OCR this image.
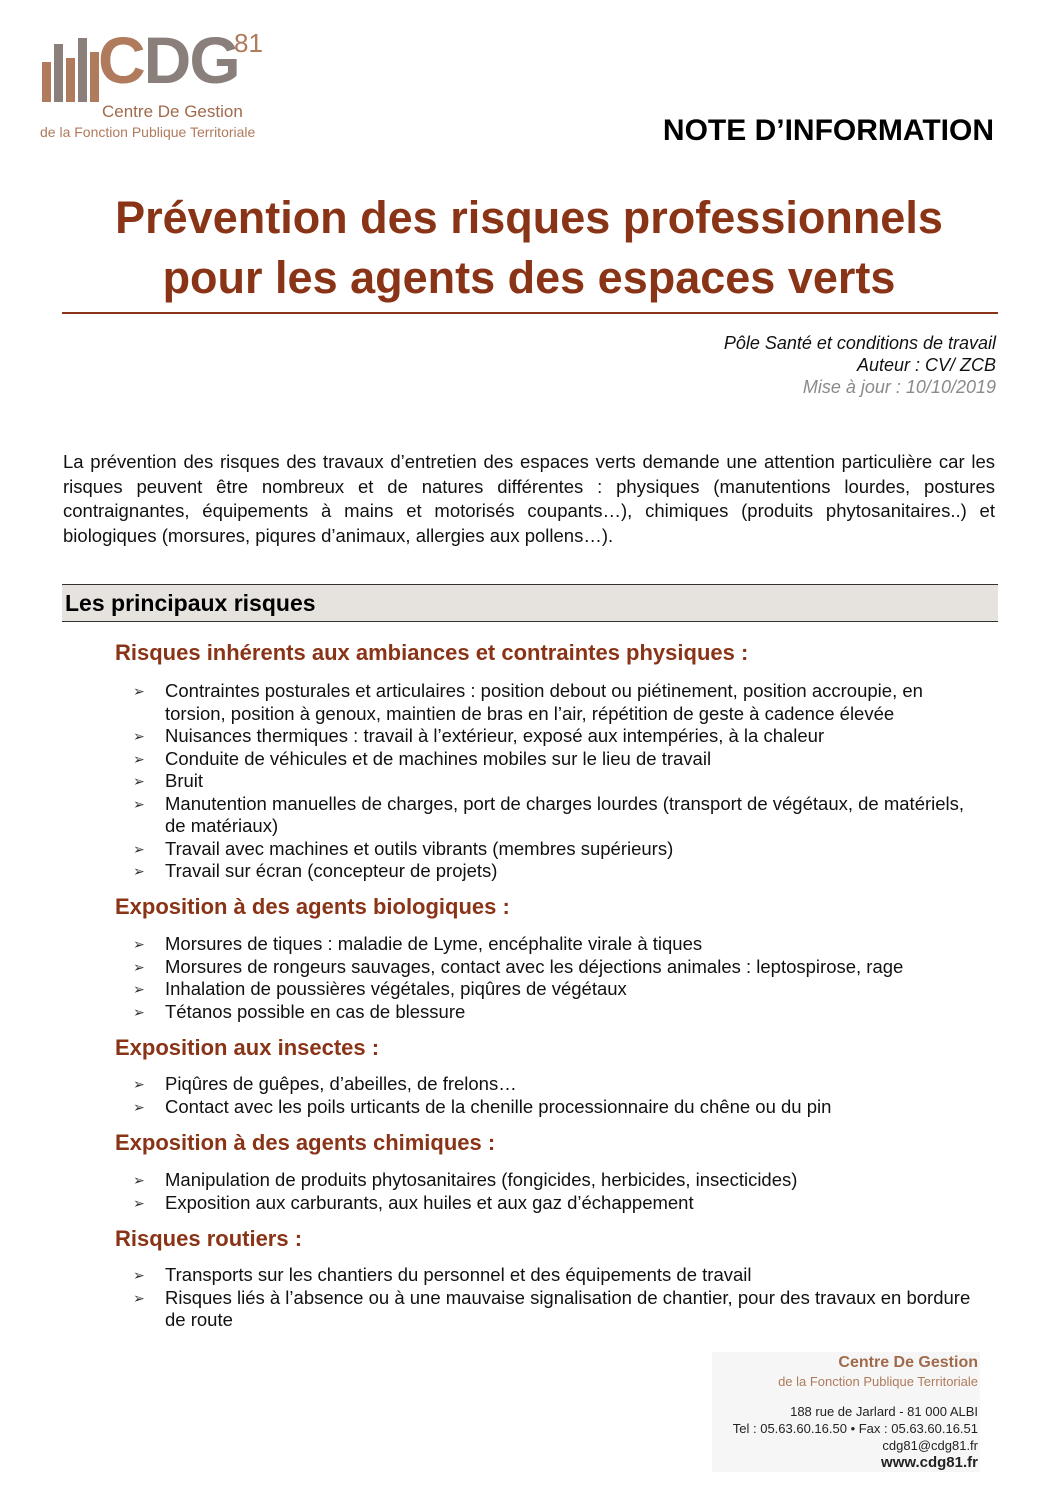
CDG
81
Centre De Gestion
de la Fonction Publique Territoriale	NOTE D’INFORMATION
Prévention des risques professionnels
pour les agents des espaces verts
Pôle Santé et conditions de travail
Auteur : CV/ ZCB
Mise à jour : 10/10/2019
La prévention des risques des travaux d’entretien des espaces verts demande une attention particulière car les risques peuvent être nombreux et de natures différentes : physiques (manutentions lourdes, postures contraignantes, équipements à mains et motorisés coupants…), chimiques (produits phytosanitaires..) et biologiques (morsures, piqures d’animaux, allergies aux pollens…).
Les principaux risques
Risques inhérents aux ambiances et contraintes physiques :
➢ Contraintes posturales et articulaires : position debout ou piétinement, position accroupie, en torsion, position à genoux, maintien de bras en l’air, répétition de geste à cadence élevée
➢ Nuisances thermiques : travail à l’extérieur, exposé aux intempéries, à la chaleur
➢ Conduite de véhicules et de machines mobiles sur le lieu de travail
➢ Bruit
➢ Manutention manuelles de charges, port de charges lourdes (transport de végétaux, de matériels, de matériaux)
➢ Travail avec machines et outils vibrants (membres supérieurs)
➢ Travail sur écran (concepteur de projets)
Exposition à des agents biologiques :
➢ Morsures de tiques : maladie de Lyme, encéphalite virale à tiques
➢ Morsures de rongeurs sauvages, contact avec les déjections animales : leptospirose, rage
➢ Inhalation de poussières végétales, piqûres de végétaux
➢ Tétanos possible en cas de blessure
Exposition aux insectes :
➢ Piqûres de guêpes, d’abeilles, de frelons…
➢ Contact avec les poils urticants de la chenille processionnaire du chêne ou du pin
Exposition à des agents chimiques :
➢ Manipulation de produits phytosanitaires (fongicides, herbicides, insecticides)
➢ Exposition aux carburants, aux huiles et aux gaz d’échappement
Risques routiers :
➢ Transports sur les chantiers du personnel et des équipements de travail
➢ Risques liés à l’absence ou à une mauvaise signalisation de chantier, pour des travaux en bordure de route
Centre De Gestion
de la Fonction Publique Territoriale
188 rue de Jarlard - 81 000 ALBI
Tel : 05.63.60.16.50 • Fax : 05.63.60.16.51
cdg81@cdg81.fr
www.cdg81.fr
